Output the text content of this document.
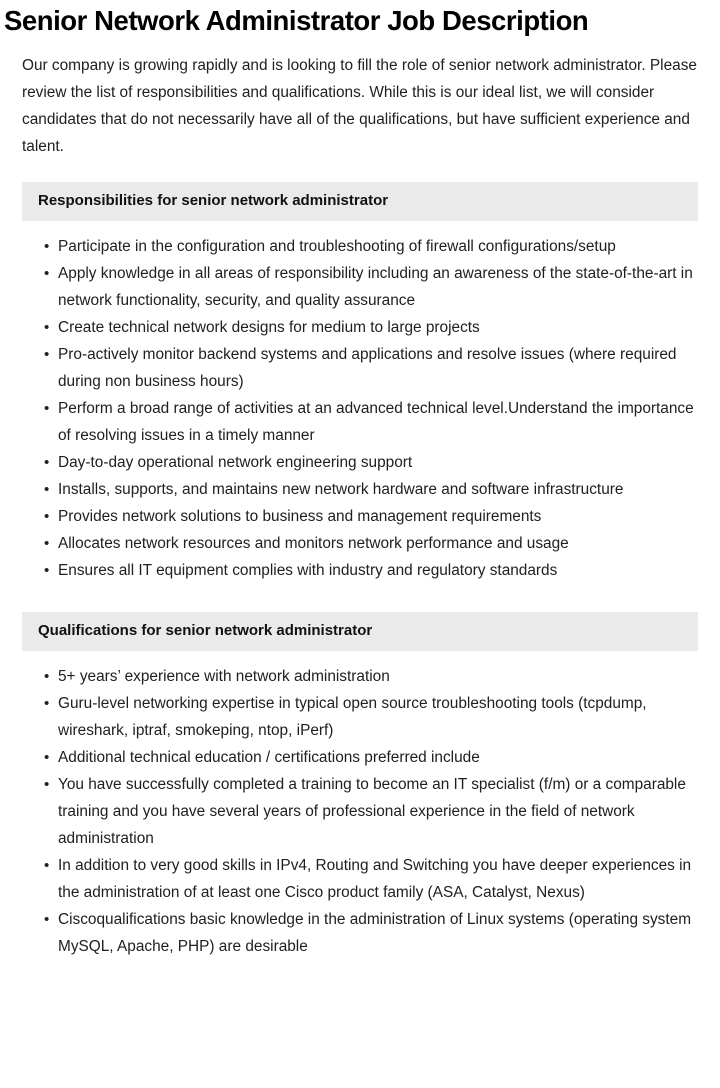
Senior Network Administrator Job Description

Our company is growing rapidly and is looking to fill the role of senior network administrator. Please review the list of responsibilities and qualifications. While this is our ideal list, we will consider candidates that do not necessarily have all of the qualifications, but have sufficient experience and talent.

Responsibilities for senior network administrator
• Participate in the configuration and troubleshooting of firewall configurations/setup
• Apply knowledge in all areas of responsibility including an awareness of the state-of-the-art in network functionality, security, and quality assurance
• Create technical network designs for medium to large projects
• Pro-actively monitor backend systems and applications and resolve issues (where required during non business hours)
• Perform a broad range of activities at an advanced technical level.Understand the importance of resolving issues in a timely manner
• Day-to-day operational network engineering support
• Installs, supports, and maintains new network hardware and software infrastructure
• Provides network solutions to business and management requirements
• Allocates network resources and monitors network performance and usage
• Ensures all IT equipment complies with industry and regulatory standards
Qualifications for senior network administrator
• 5+ years’ experience with network administration
• Guru-level networking expertise in typical open source troubleshooting tools (tcpdump, wireshark, iptraf, smokeping, ntop, iPerf)
• Additional technical education / certifications preferred include
• You have successfully completed a training to become an IT specialist (f/m) or a comparable training and you have several years of professional experience in the field of network administration
• In addition to very good skills in IPv4, Routing and Switching you have deeper experiences in the administration of at least one Cisco product family (ASA, Catalyst, Nexus)
• Ciscoqualifications basic knowledge in the administration of Linux systems (operating system MySQL, Apache, PHP) are desirable
